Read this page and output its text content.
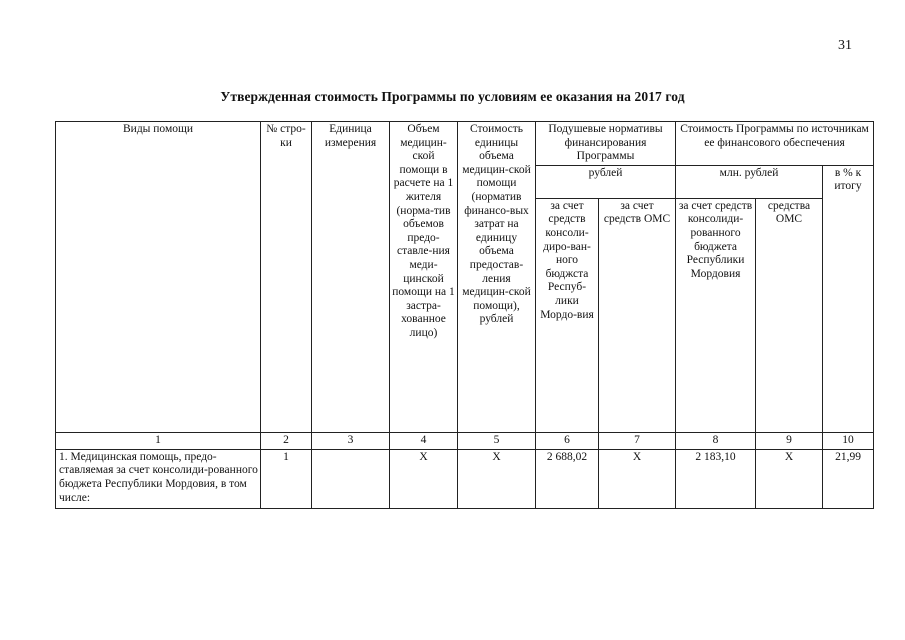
31
Утвержденная стоимость Программы по условиям ее оказания на 2017 год
Виды помощи	№ стро-ки	Единица измерения	Объем медицин-ской помощи в расчете на 1 жителя (норма-тив объемов предо-ставле-ния меди-цинской помощи на 1 застра-хованное лицо)	Стоимость единицы объема медицин-ской помощи (норматив финансо-вых затрат на единицу объема предостав-ления медицин-ской помощи), рублей	Подушевые нормативы финансирования Программы		Стоимость Программы по источникам ее финансового обеспечения		
					рублей		млн. рублей		в % к итогу
					за счет средств консоли-диро-ван-ного бюджста Респуб-лики Мордо-вия	за счет средств ОМС	за счет средств консолиди-рованного бюджета Республики Мордовия	средства ОМС	
1	2	3	4	5	6	7	8	9	10
1. Медицинская помощь, предо-ставляемая за счет консолиди-рованного бюджета Республики Мордовия, в том числе:	1		Х	Х	2 688,02	Х	2 183,10	Х	21,99
